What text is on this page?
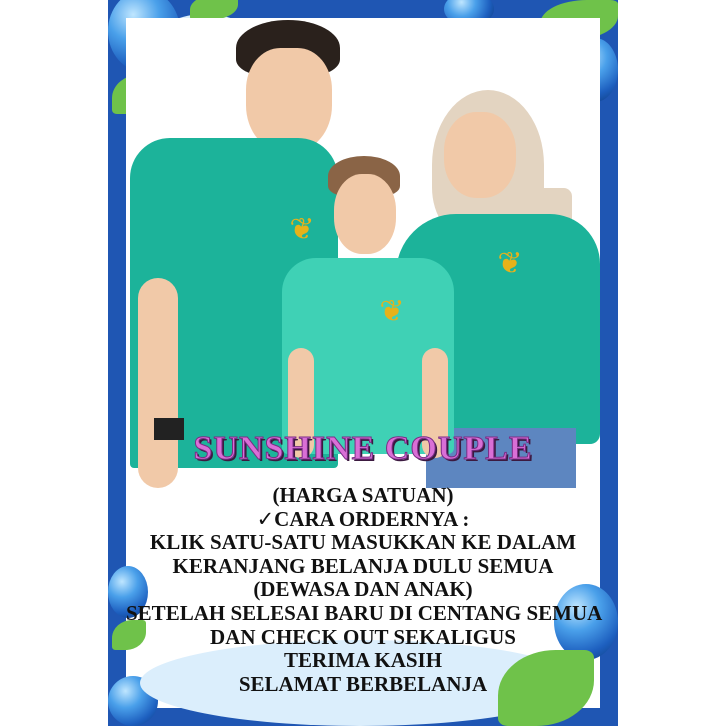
❦
❦
❦
SUNSHINE COUPLE
(HARGA SATUAN)
✓CARA ORDERNYA :
KLIK SATU-SATU MASUKKAN KE DALAM
KERANJANG BELANJA DULU SEMUA
(DEWASA DAN ANAK)
SETELAH SELESAI BARU DI CENTANG SEMUA
DAN CHECK OUT SEKALIGUS
TERIMA KASIH
SELAMAT BERBELANJA
